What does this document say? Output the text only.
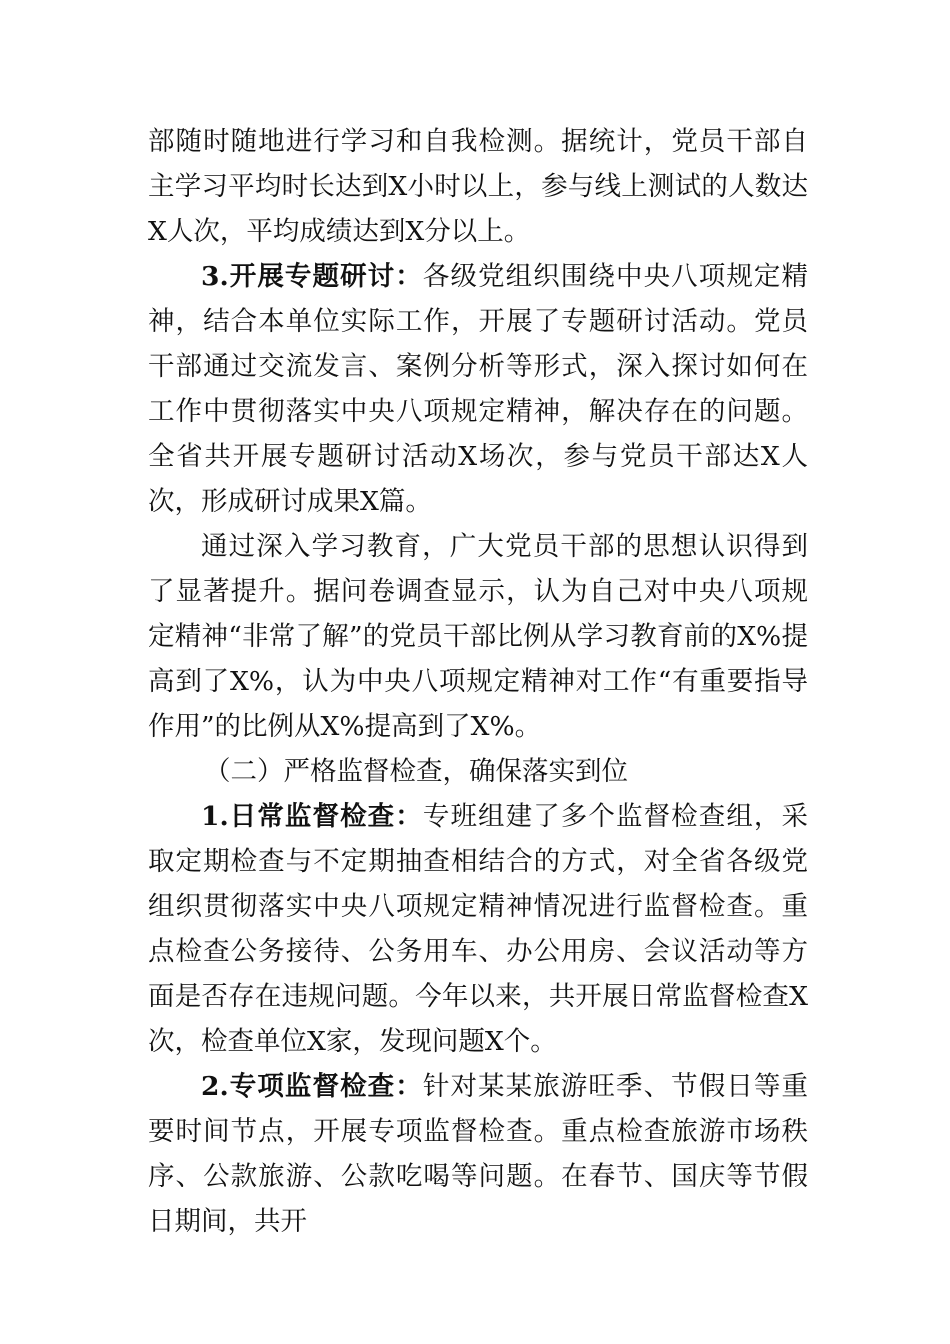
部随时随地进行学习和自我检测。据统计，党员干部自主学习平均时长达到X小时以上，参与线上测试的人数达X人次，平均成绩达到X分以上。

3.开展专题研讨：各级党组织围绕中央八项规定精神，结合本单位实际工作，开展了专题研讨活动。党员干部通过交流发言、案例分析等形式，深入探讨如何在工作中贯彻落实中央八项规定精神，解决存在的问题。全省共开展专题研讨活动X场次，参与党员干部达X人次，形成研讨成果X篇。

通过深入学习教育，广大党员干部的思想认识得到了显著提升。据问卷调查显示，认为自己对中央八项规定精神“非常了解”的党员干部比例从学习教育前的X%提高到了X%，认为中央八项规定精神对工作“有重要指导作用”的比例从X%提高到了X%。

（二）严格监督检查，确保落实到位

1.日常监督检查：专班组建了多个监督检查组，采取定期检查与不定期抽查相结合的方式，对全省各级党组织贯彻落实中央八项规定精神情况进行监督检查。重点检查公务接待、公务用车、办公用房、会议活动等方面是否存在违规问题。今年以来，共开展日常监督检查X次，检查单位X家，发现问题X个。

2.专项监督检查：针对某某旅游旺季、节假日等重要时间节点，开展专项监督检查。重点检查旅游市场秩序、公款旅游、公款吃喝等问题。在春节、国庆等节假日期间，共开
